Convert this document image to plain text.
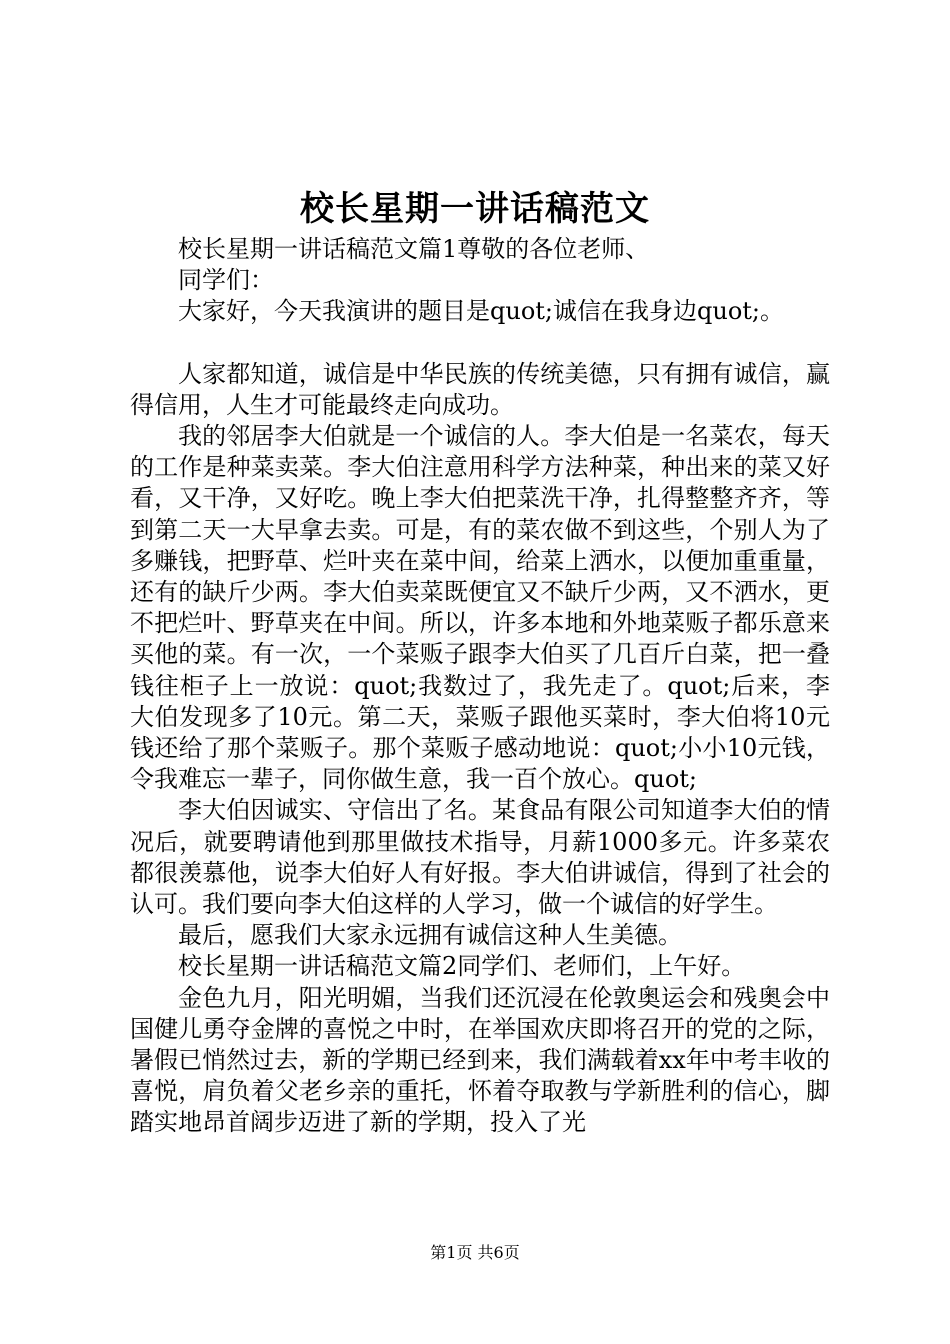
校长星期一讲话稿范文

校长星期一讲话稿范文篇1尊敬的各位老师、

同学们：

大家好，今天我演讲的题目是quot;诚信在我身边quot;。

人家都知道，诚信是中华民族的传统美德，只有拥有诚信，赢得信用，人生才可能最终走向成功。

我的邻居李大伯就是一个诚信的人。李大伯是一名菜农，每天的工作是种菜卖菜。李大伯注意用科学方法种菜，种出来的菜又好看，又干净，又好吃。晚上李大伯把菜洗干净，扎得整整齐齐，等到第二天一大早拿去卖。可是，有的菜农做不到这些，个别人为了多赚钱，把野草、烂叶夹在菜中间，给菜上洒水，以便加重重量，还有的缺斤少两。李大伯卖菜既便宜又不缺斤少两，又不洒水，更不把烂叶、野草夹在中间。所以，许多本地和外地菜贩子都乐意来买他的菜。有一次，一个菜贩子跟李大伯买了几百斤白菜，把一叠钱往柜子上一放说：quot;我数过了，我先走了。quot;后来，李大伯发现多了10元。第二天，菜贩子跟他买菜时，李大伯将10元钱还给了那个菜贩子。那个菜贩子感动地说：quot;小小10元钱，令我难忘一辈子，同你做生意，我一百个放心。quot;

李大伯因诚实、守信出了名。某食品有限公司知道李大伯的情况后，就要聘请他到那里做技术指导，月薪1000多元。许多菜农都很羡慕他，说李大伯好人有好报。李大伯讲诚信，得到了社会的认可。我们要向李大伯这样的人学习，做一个诚信的好学生。

最后，愿我们大家永远拥有诚信这种人生美德。

校长星期一讲话稿范文篇2同学们、老师们，上午好。

金色九月，阳光明媚，当我们还沉浸在伦敦奥运会和残奥会中国健儿勇夺金牌的喜悦之中时，在举国欢庆即将召开的党的之际，暑假已悄然过去，新的学期已经到来，我们满载着xx年中考丰收的喜悦，肩负着父老乡亲的重托，怀着夺取教与学新胜利的信心，脚踏实地昂首阔步迈进了新的学期，投入了光

第1页 共6页
